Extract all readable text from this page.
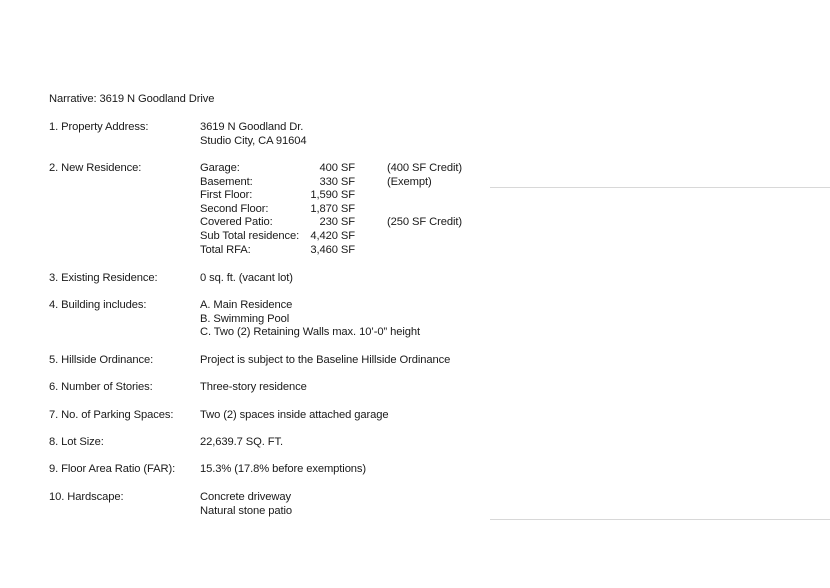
Narrative: 3619 N Goodland Drive
1. Property Address:	3619 N Goodland Dr.
Studio City, CA 91604
2. New Residence:	Garage:	400 SF	(400 SF Credit)
Basement:	330 SF	(Exempt)
First Floor:	1,590 SF
Second Floor:	1,870 SF
Covered Patio:	230 SF	(250 SF Credit)
Sub Total residence:	4,420 SF
Total RFA:	3,460 SF
3. Existing Residence:	0 sq. ft. (vacant lot)
4. Building includes:	A. Main Residence
B. Swimming Pool
C. Two (2) Retaining Walls max. 10’-0” height
5. Hillside Ordinance:	Project is subject to the Baseline Hillside Ordinance
6. Number of Stories:	Three-story residence
7. No. of Parking Spaces: Two (2) spaces inside attached garage
8. Lot Size:	22,639.7 SQ. FT.
9. Floor Area Ratio (FAR): 15.3% (17.8% before exemptions)
10. Hardscape:	Concrete driveway
Natural stone patio
